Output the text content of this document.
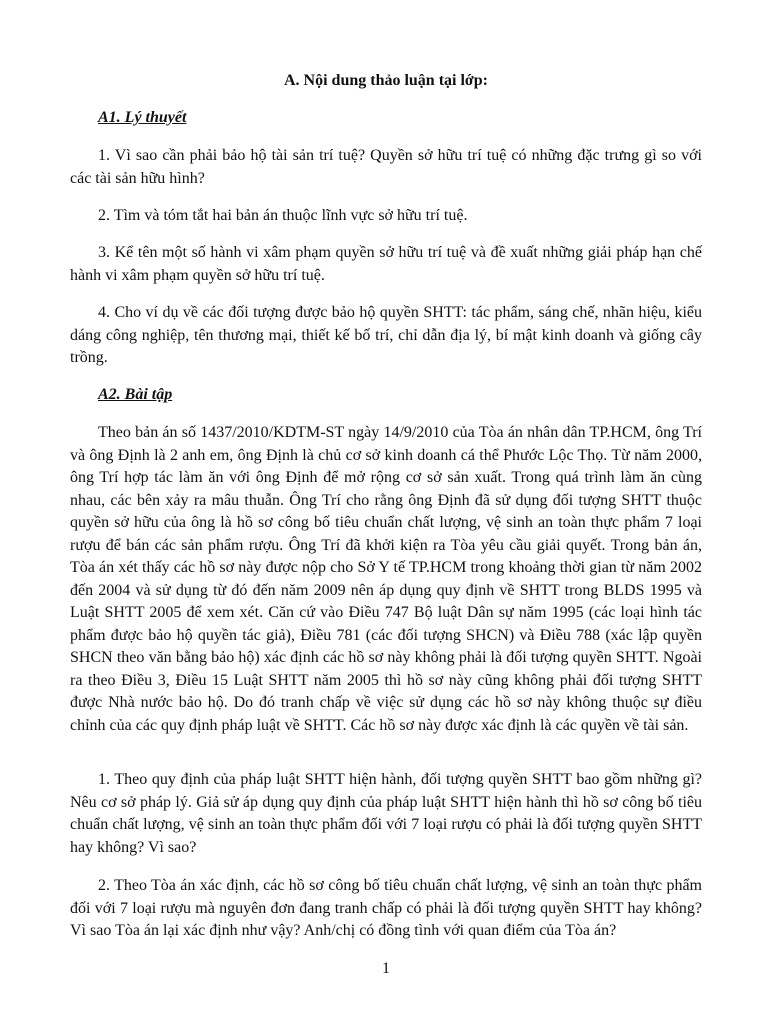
A. Nội dung thảo luận tại lớp:
A1. Lý thuyết

1. Vì sao cần phải bảo hộ tài sản trí tuệ? Quyền sở hữu trí tuệ có những đặc trưng gì so với các tài sản hữu hình?

2. Tìm và tóm tắt hai bản án thuộc lĩnh vực sở hữu trí tuệ.

3. Kể tên một số hành vi xâm phạm quyền sở hữu trí tuệ và đề xuất những giải pháp hạn chế hành vi xâm phạm quyền sở hữu trí tuệ.

4. Cho ví dụ về các đối tượng được bảo hộ quyền SHTT: tác phẩm, sáng chế, nhãn hiệu, kiểu dáng công nghiệp, tên thương mại, thiết kế bố trí, chỉ dẫn địa lý, bí mật kinh doanh và giống cây trồng.

A2. Bài tập

Theo bản án số 1437/2010/KDTM-ST ngày 14/9/2010 của Tòa án nhân dân TP.HCM, ông Trí và ông Định là 2 anh em, ông Định là chủ cơ sở kinh doanh cá thể Phước Lộc Thọ. Từ năm 2000, ông Trí hợp tác làm ăn với ông Định để mở rộng cơ sở sản xuất. Trong quá trình làm ăn cùng nhau, các bên xảy ra mâu thuẫn. Ông Trí cho rằng ông Định đã sử dụng đối tượng SHTT thuộc quyền sở hữu của ông là hồ sơ công bố tiêu chuẩn chất lượng, vệ sinh an toàn thực phẩm 7 loại rượu để bán các sản phẩm rượu. Ông Trí đã khởi kiện ra Tòa yêu cầu giải quyết. Trong bản án, Tòa án xét thấy các hồ sơ này được nộp cho Sở Y tế TP.HCM trong khoảng thời gian từ năm 2002 đến 2004 và sử dụng từ đó đến năm 2009 nên áp dụng quy định về SHTT trong BLDS 1995 và Luật SHTT 2005 để xem xét. Căn cứ vào Điều 747 Bộ luật Dân sự năm 1995 (các loại hình tác phẩm được bảo hộ quyền tác giả), Điều 781 (các đối tượng SHCN) và Điều 788 (xác lập quyền SHCN theo văn bằng bảo hộ) xác định các hồ sơ này không phải là đối tượng quyền SHTT. Ngoài ra theo Điều 3, Điều 15 Luật SHTT năm 2005 thì hồ sơ này cũng không phải đối tượng SHTT được Nhà nước bảo hộ. Do đó tranh chấp về việc sử dụng các hồ sơ này không thuộc sự điều chỉnh của các quy định pháp luật về SHTT. Các hồ sơ này được xác định là các quyền về tài sản.

1. Theo quy định của pháp luật SHTT hiện hành, đối tượng quyền SHTT bao gồm những gì? Nêu cơ sở pháp lý. Giả sử áp dụng quy định của pháp luật SHTT hiện hành thì hồ sơ công bố tiêu chuẩn chất lượng, vệ sinh an toàn thực phẩm đối với 7 loại rượu có phải là đối tượng quyền SHTT hay không? Vì sao?

2. Theo Tòa án xác định, các hồ sơ công bố tiêu chuẩn chất lượng, vệ sinh an toàn thực phẩm đối với 7 loại rượu mà nguyên đơn đang tranh chấp có phải là đối tượng quyền SHTT hay không? Vì sao Tòa án lại xác định như vậy? Anh/chị có đồng tình với quan điểm của Tòa án?

1
